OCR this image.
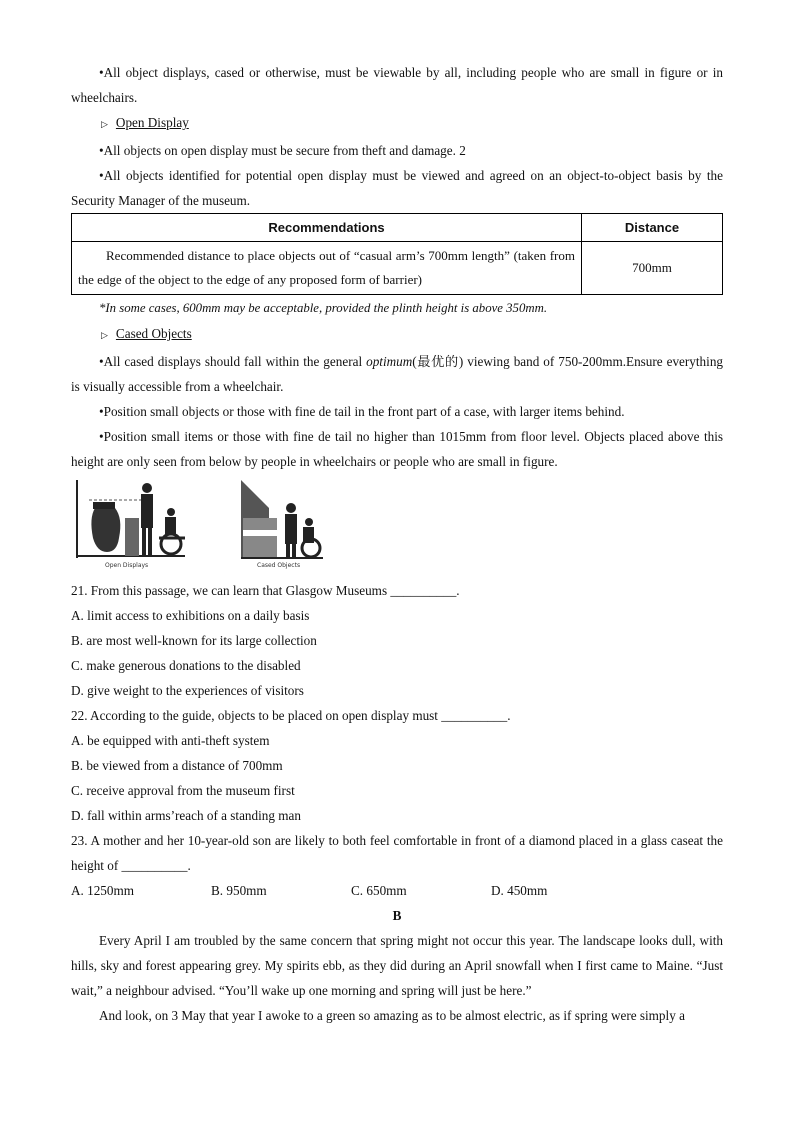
•All object displays, cased or otherwise, must be viewable by all, including people who are small in figure or in wheelchairs.

▷ Open Display

•All objects on open display must be secure from theft and damage. 2

•All objects identified for potential open display must be viewed and agreed on an object-to-object basis by the Security Manager of the museum.

Recommendations	Distance
Recommended distance to place objects out of “casual arm’s 700mm length” (taken from the edge of the object to the edge of any proposed form of barrier)	700mm
*In some cases, 600mm may be acceptable, provided the plinth height is above 350mm.
▷ Cased Objects

•All cased displays should fall within the general optimum(最优的) viewing band of 750-200mm.Ensure everything is visually accessible from a wheelchair.

•Position small objects or those with fine de tail in the front part of a case, with larger items behind.

•Position small items or those with fine de tail no higher than 1015mm from floor level. Objects placed above this height are only seen from below by people in wheelchairs or people who are small in figure.

Open Displays	Cased Objects

21. From this passage, we can learn that Glasgow Museums __________.

A. limit access to exhibitions on a daily basis

B. are most well-known for its large collection

C. make generous donations to the disabled

D. give weight to the experiences of visitors

22. According to the guide, objects to be placed on open display must __________.

A. be equipped with anti-theft system

B. be viewed from a distance of 700mm

C. receive approval from the museum first

D. fall within arms’reach of a standing man

23. A mother and her 10-year-old son are likely to both feel comfortable in front of a diamond placed in a glass caseat the height of __________.

A. 1250mm	B. 950mm	C. 650mm	D. 450mm

B

Every April I am troubled by the same concern that spring might not occur this year. The landscape looks dull, with hills, sky and forest appearing grey. My spirits ebb, as they did during an April snowfall when I first came to Maine. “Just wait,” a neighbour advised. “You’ll wake up one morning and spring will just be here.”

And look, on 3 May that year I awoke to a green so amazing as to be almost electric, as if spring were simply a
